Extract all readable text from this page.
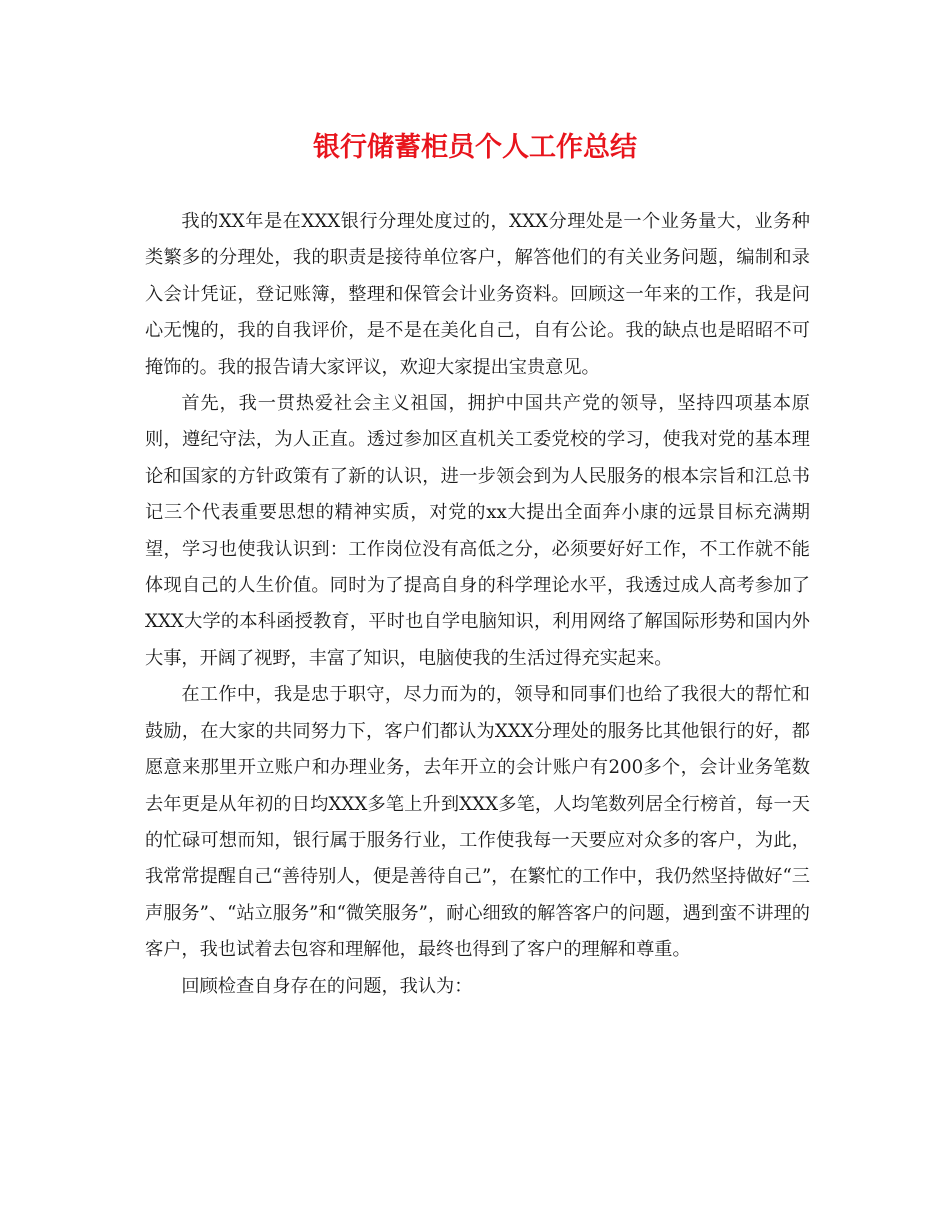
银行储蓄柜员个人工作总结

我的XX年是在XXX银行分理处度过的，XXX分理处是一个业务量大，业务种类繁多的分理处，我的职责是接待单位客户，解答他们的有关业务问题，编制和录入会计凭证，登记账簿，整理和保管会计业务资料。回顾这一年来的工作，我是问心无愧的，我的自我评价，是不是在美化自己，自有公论。我的缺点也是昭昭不可掩饰的。我的报告请大家评议，欢迎大家提出宝贵意见。

首先，我一贯热爱社会主义祖国，拥护中国共产党的领导，坚持四项基本原则，遵纪守法，为人正直。透过参加区直机关工委党校的学习，使我对党的基本理论和国家的方针政策有了新的认识，进一步领会到为人民服务的根本宗旨和江总书记三个代表重要思想的精神实质，对党的xx大提出全面奔小康的远景目标充满期望，学习也使我认识到：工作岗位没有高低之分，必须要好好工作，不工作就不能体现自己的人生价值。同时为了提高自身的科学理论水平，我透过成人高考参加了XXX大学的本科函授教育，平时也自学电脑知识，利用网络了解国际形势和国内外大事，开阔了视野，丰富了知识，电脑使我的生活过得充实起来。

在工作中，我是忠于职守，尽力而为的，领导和同事们也给了我很大的帮忙和鼓励，在大家的共同努力下，客户们都认为XXX分理处的服务比其他银行的好，都愿意来那里开立账户和办理业务，去年开立的会计账户有200多个，会计业务笔数去年更是从年初的日均XXX多笔上升到XXX多笔，人均笔数列居全行榜首，每一天的忙碌可想而知，银行属于服务行业，工作使我每一天要应对众多的客户，为此，我常常提醒自己“善待别人，便是善待自己”，在繁忙的工作中，我仍然坚持做好“三声服务”、“站立服务”和“微笑服务”，耐心细致的解答客户的问题，遇到蛮不讲理的客户，我也试着去包容和理解他，最终也得到了客户的理解和尊重。

回顾检查自身存在的问题，我认为：
